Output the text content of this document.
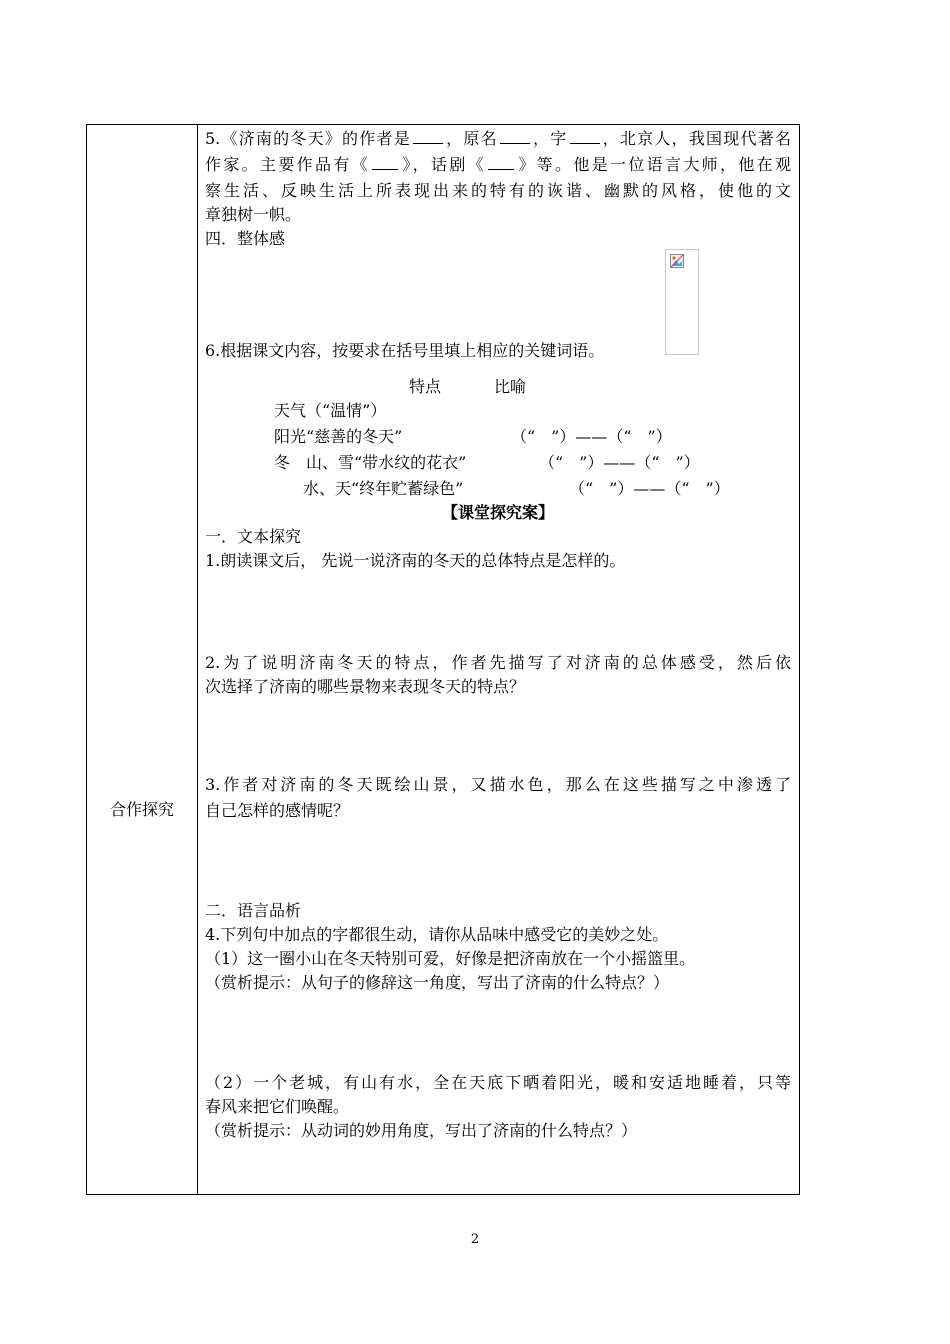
合作探究
5.《济南的冬天》的作者是 ，原名 ，字 ，北京人，我国现代著名
作家。主要作品有《 》，话剧《 》等。他是一位语言大师，他在观
察生活、反映生活上所表现出来的特有的诙谐、幽默的风格，使他的文
章独树一帜。
四．整体感
6.根据课文内容，按要求在括号里填上相应的关键词语。
特点	比喻
天气（“温情”）
阳光“慈善的冬天”	（“　”）——（“　”）
冬　山、雪“带水纹的花衣”	（“　”）——（“　”）
水、天“终年贮蓄绿色”	（“　”）——（“　”）
【课堂探究案】
一．文本探究
1.朗读课文后， 先说一说济南的冬天的总体特点是怎样的。
2.为了说明济南冬天的特点，作者先描写了对济南的总体感受，然后依
次选择了济南的哪些景物来表现冬天的特点？
3.作者对济南的冬天既绘山景，又描水色，那么在这些描写之中渗透了
自己怎样的感情呢？
二．语言品析
4.下列句中加点的字都很生动，请你从品味中感受它的美妙之处。
（1）这一圈小山在冬天特别可爱，好像是把济南放在一个小摇篮里。
（赏析提示：从句子的修辞这一角度，写出了济南的什么特点？）
（2）一个老城，有山有水，全在天底下晒着阳光，暖和安适地睡着，只等
春风来把它们唤醒。
（赏析提示：从动词的妙用角度，写出了济南的什么特点？）
2
